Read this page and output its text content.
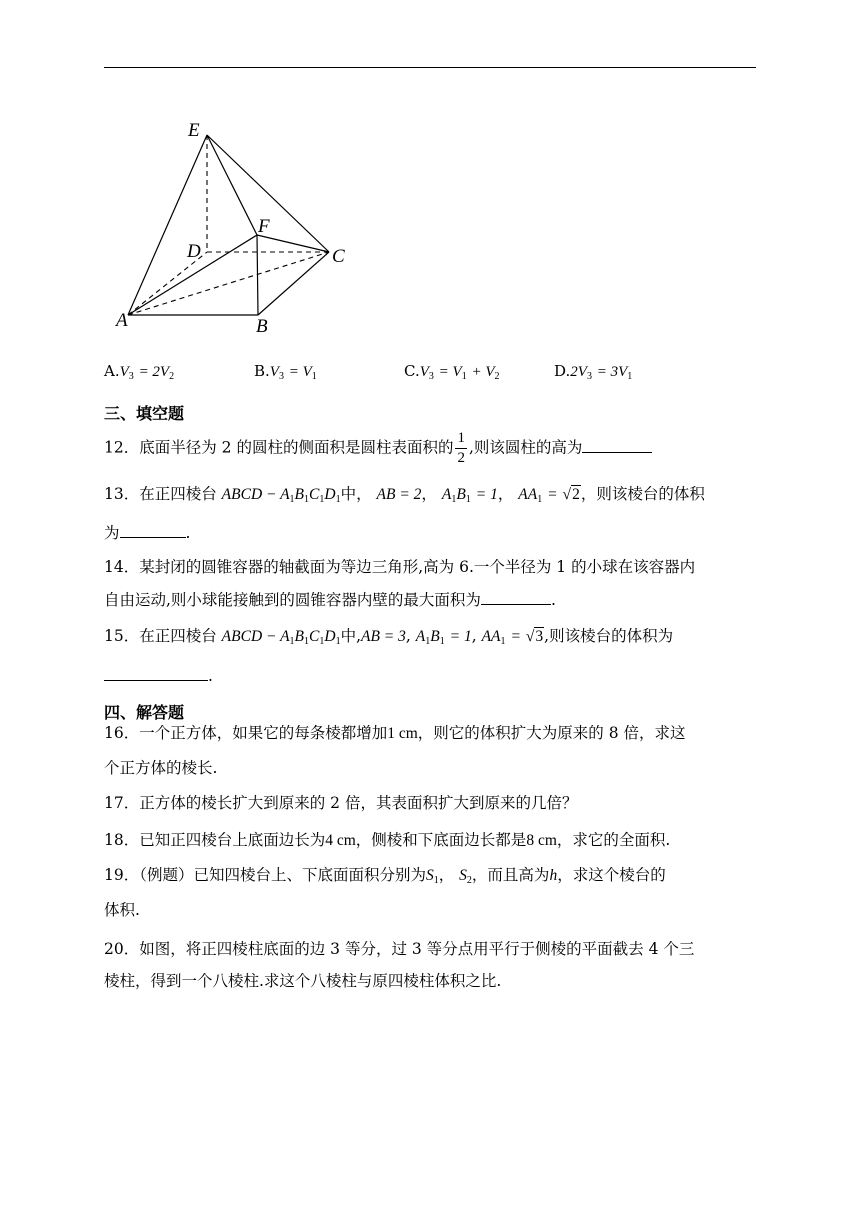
E
D
F
C
A	B
$A.V_3 = 2V_2$	$B.V_3 = V_1$	$C.V_3 = V_1 + V_2$	$D.2V_3 = 3V_1$
三、填空题
12．底面半径为 2 的圆柱的侧面积是圆柱表面积的 $\frac{1}{2}$ ,则该圆柱的高为
13．在正四棱台 ABCD − $A_1B_1C_1D_1$中， AB = 2， $A_1B_1 = 1$， $AA_1 = √2$，则该棱台的体积
为	.
14．某封闭的圆锥容器的轴截面为等边三角形,高为 6.一个半径为 1 的小球在该容器内
自由运动,则小球能接触到的圆锥容器内壁的最大面积为	.
15．在正四棱台 ABCD − $A_1B_1C_1D_1$中,AB = 3, $A_1B_1 = 1$, $AA_1 = √3$,则该棱台的体积为
.
四、解答题
16．一个正方体，如果它的每条棱都增加1 cm，则它的体积扩大为原来的 8 倍，求这
个正方体的棱长.
17．正方体的棱长扩大到原来的 2 倍，其表面积扩大到原来的几倍？
18．已知正四棱台上底面边长为4 cm，侧棱和下底面边长都是8 cm，求它的全面积.
19．（例题）已知四棱台上、下底面面积分别为$S_1$， $S_2$，而且高为h，求这个棱台的
体积.
20．如图，将正四棱柱底面的边 3 等分，过 3 等分点用平行于侧棱的平面截去 4 个三
棱柱，得到一个八棱柱.求这个八棱柱与原四棱柱体积之比.
